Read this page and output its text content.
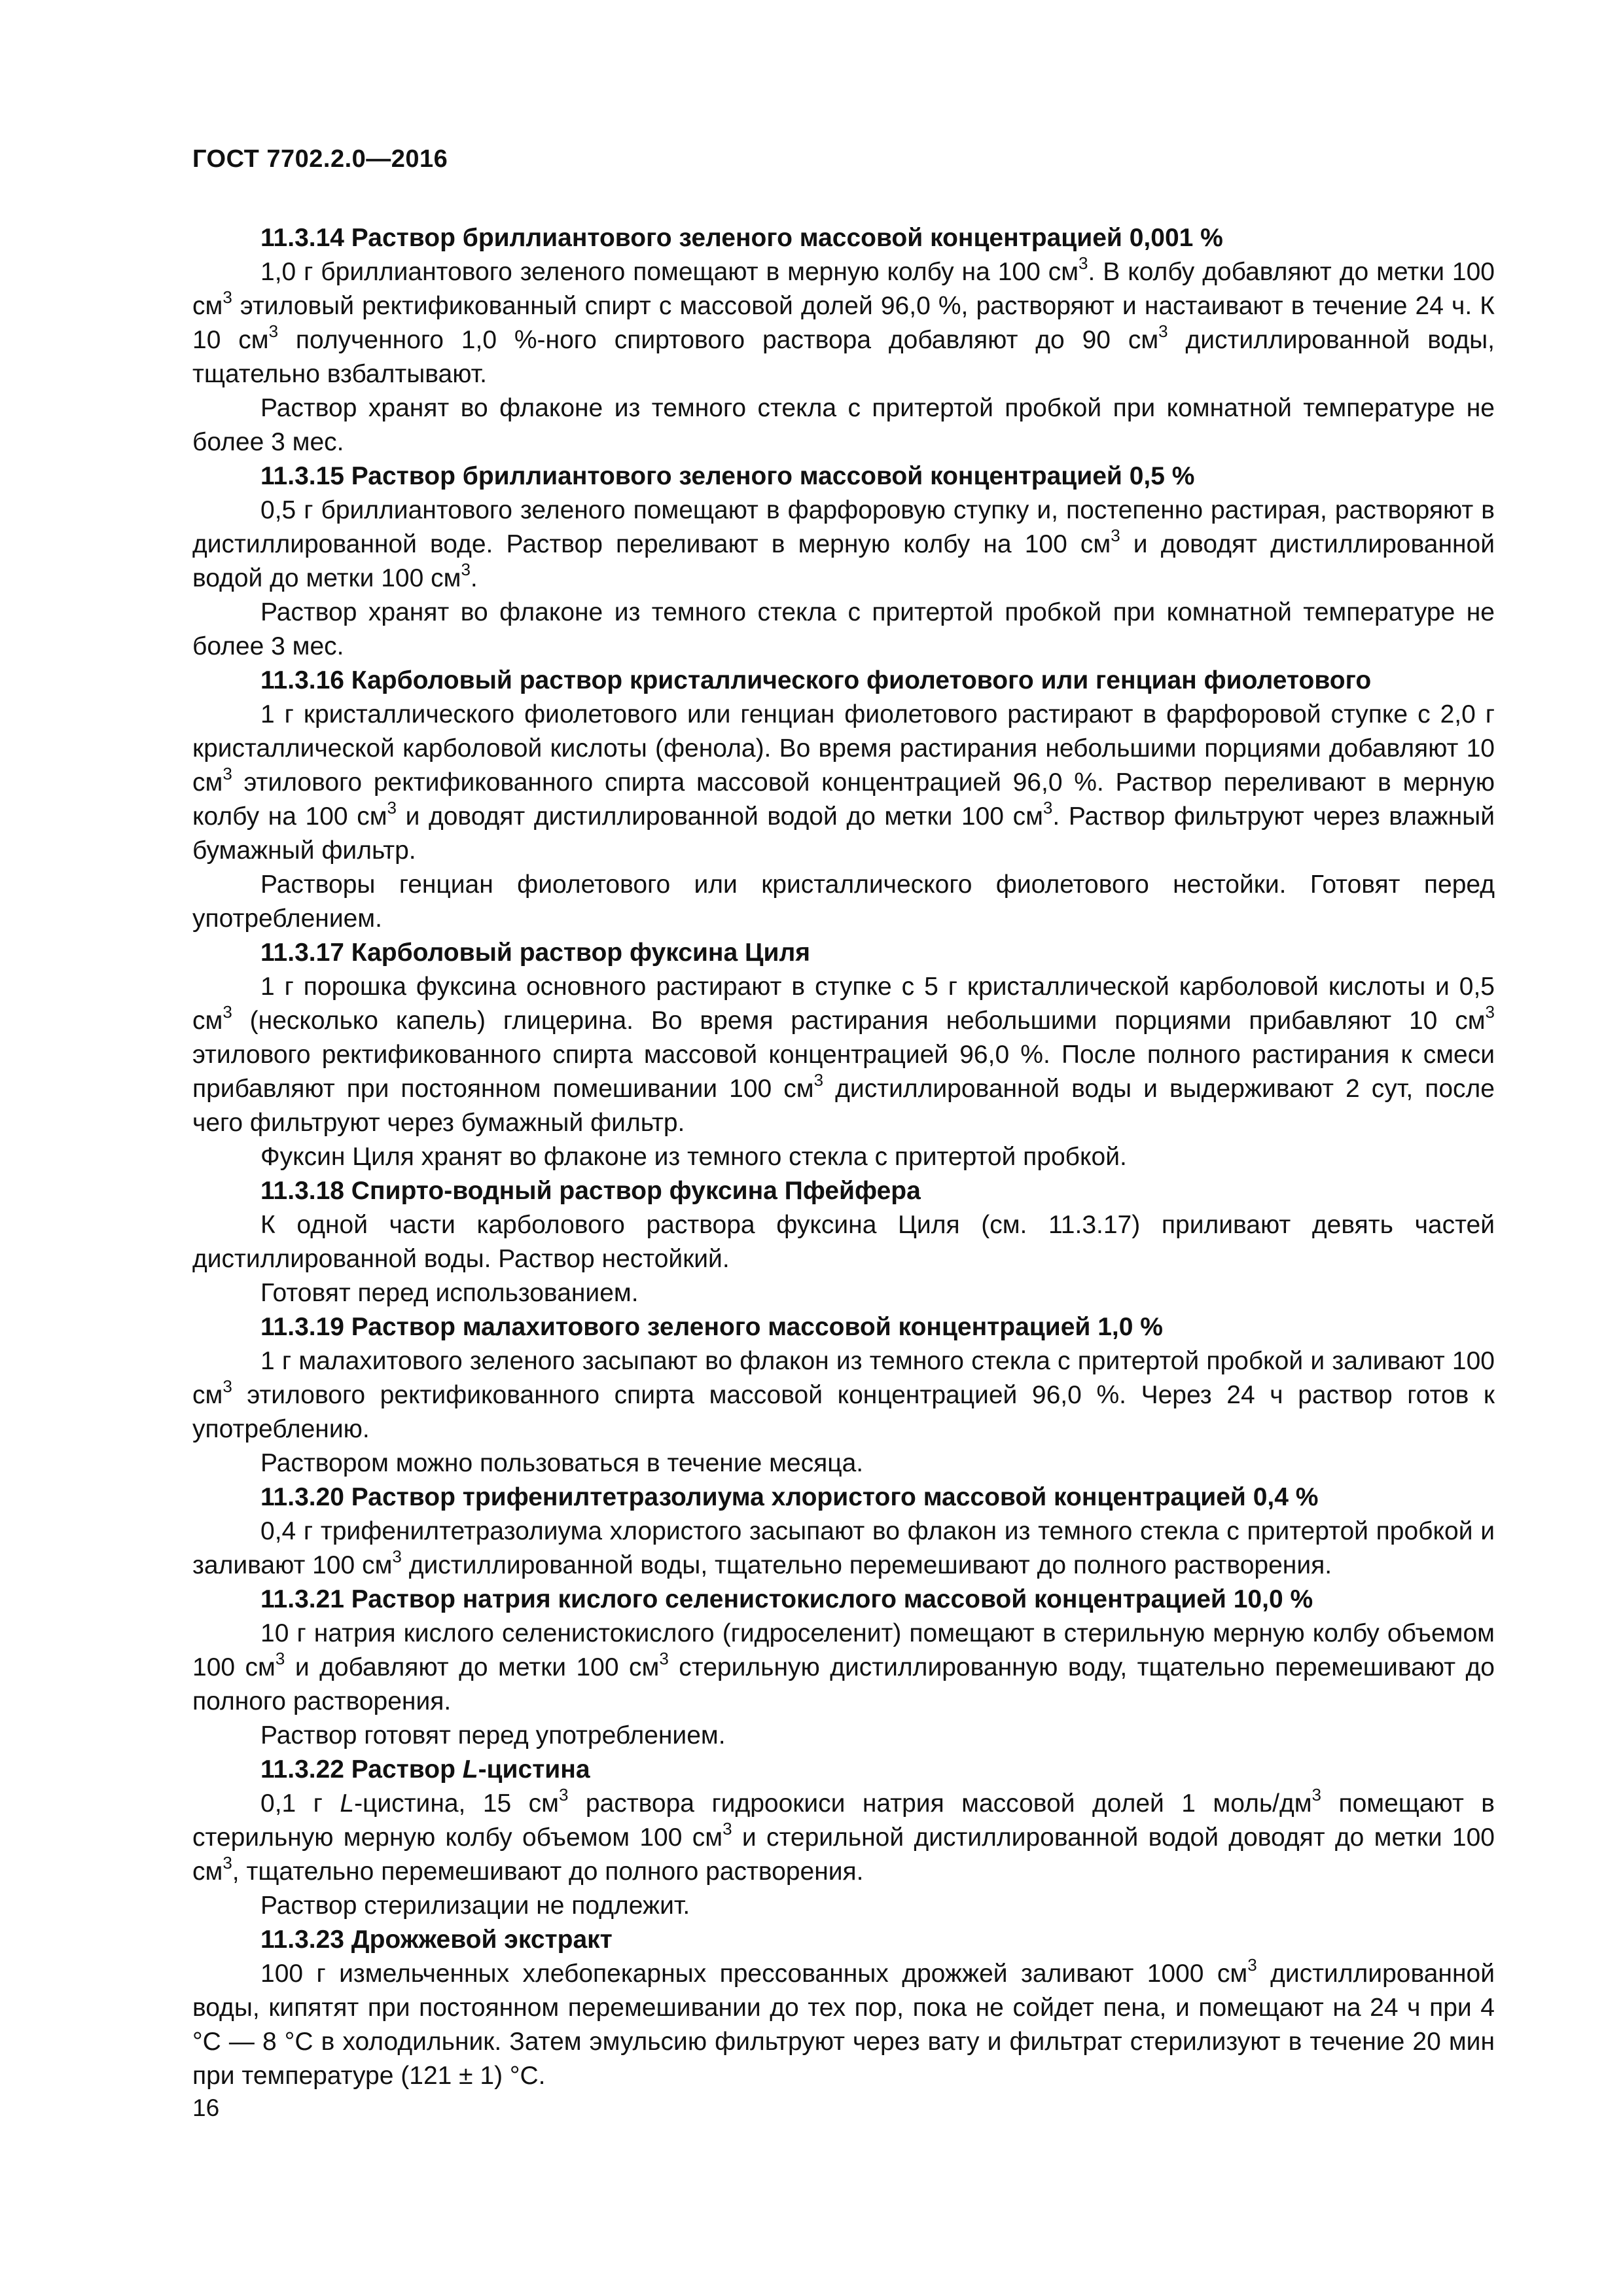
ГОСТ 7702.2.0—2016

11.3.14 Раствор бриллиантового зеленого массовой концентрацией 0,001 %

1,0 г бриллиантового зеленого помещают в мерную колбу на 100 $см^3$. В колбу добавляют до метки 100 $см^3$ этиловый ректификованный спирт с массовой долей 96,0 %, растворяют и настаивают в течение 24 ч. К 10 $см^3$ полученного 1,0 %-ного спиртового раствора добавляют до 90 $см^3$ дистиллированной воды, тщательно взбалтывают.

Раствор хранят во флаконе из темного стекла с притертой пробкой при комнатной температуре не более 3 мес.

11.3.15 Раствор бриллиантового зеленого массовой концентрацией 0,5 %

0,5 г бриллиантового зеленого помещают в фарфоровую ступку и, постепенно растирая, растворяют в дистиллированной воде. Раствор переливают в мерную колбу на 100 $см^3$ и доводят дистиллированной водой до метки 100 $см^3$.

Раствор хранят во флаконе из темного стекла с притертой пробкой при комнатной температуре не более 3 мес.

11.3.16 Карболовый раствор кристаллического фиолетового или генциан фиолетового

1 г кристаллического фиолетового или генциан фиолетового растирают в фарфоровой ступке с 2,0 г кристаллической карболовой кислоты (фенола). Во время растирания небольшими порциями добавляют 10 $см^3$ этилового ректификованного спирта массовой концентрацией 96,0 %. Раствор переливают в мерную колбу на 100 $см^3$ и доводят дистиллированной водой до метки 100 $см^3$. Раствор фильтруют через влажный бумажный фильтр.

Растворы генциан фиолетового или кристаллического фиолетового нестойки. Готовят перед употреблением.

11.3.17 Карболовый раствор фуксина Циля

1 г порошка фуксина основного растирают в ступке с 5 г кристаллической карболовой кислоты и 0,5 $см^3$ (несколько капель) глицерина. Во время растирания небольшими порциями прибавляют 10 $см^3$ этилового ректификованного спирта массовой концентрацией 96,0 %. После полного растирания к смеси прибавляют при постоянном помешивании 100 $см^3$ дистиллированной воды и выдерживают 2 сут, после чего фильтруют через бумажный фильтр.

Фуксин Циля хранят во флаконе из темного стекла с притертой пробкой.

11.3.18 Спирто-водный раствор фуксина Пфейфера

К одной части карболового раствора фуксина Циля (см. 11.3.17) приливают девять частей дистиллированной воды. Раствор нестойкий.

Готовят перед использованием.

11.3.19 Раствор малахитового зеленого массовой концентрацией 1,0 %

1 г малахитового зеленого засыпают во флакон из темного стекла с притертой пробкой и заливают 100 $см^3$ этилового ректификованного спирта массовой концентрацией 96,0 %. Через 24 ч раствор готов к употреблению.

Раствором можно пользоваться в течение месяца.

11.3.20 Раствор трифенилтетразолиума хлористого массовой концентрацией 0,4 %

0,4 г трифенилтетразолиума хлористого засыпают во флакон из темного стекла с притертой пробкой и заливают 100 $см^3$ дистиллированной воды, тщательно перемешивают до полного растворения.

11.3.21 Раствор натрия кислого селенистокислого массовой концентрацией 10,0 %

10 г натрия кислого селенистокислого (гидроселенит) помещают в стерильную мерную колбу объемом 100 $см^3$ и добавляют до метки 100 $см^3$ стерильную дистиллированную воду, тщательно перемешивают до полного растворения.

Раствор готовят перед употреблением.

11.3.22 Раствор L-цистина

0,1 г L-цистина, 15 $см^3$ раствора гидроокиси натрия массовой долей 1 моль/$дм^3$ помещают в стерильную мерную колбу объемом 100 $см^3$ и стерильной дистиллированной водой доводят до метки 100 $см^3$, тщательно перемешивают до полного растворения.

Раствор стерилизации не подлежит.

11.3.23 Дрожжевой экстракт

100 г измельченных хлебопекарных прессованных дрожжей заливают 1000 $см^3$ дистиллированной воды, кипятят при постоянном перемешивании до тех пор, пока не сойдет пена, и помещают на 24 ч при 4 °С — 8 °С в холодильник. Затем эмульсию фильтруют через вату и фильтрат стерилизуют в течение 20 мин при температуре (121 ± 1) °С.

16
